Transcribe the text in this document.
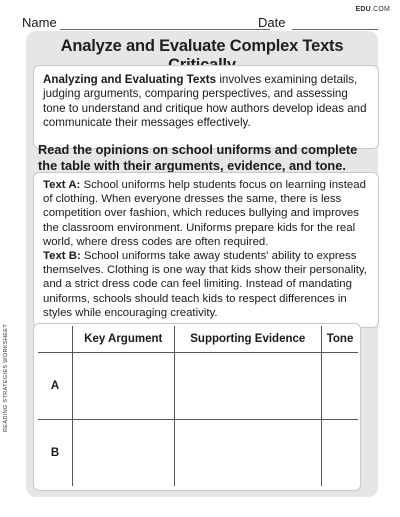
Name	Date
EDU.COM
READING STRATEGIES WORKSHEET
Analyze and Evaluate Complex Texts
Analyzing and Evaluating Texts involves examining details, judging arguments, comparing perspectives, and assessing tone to understand and critique how authors develop ideas and communicate their messages effectively.
Read the opinions on school uniforms and complete the table with their arguments, evidence, and tone.

Text A: School uniforms help students focus on learning instead of clothing. When everyone dresses the same, there is less competition over fashion, which reduces bullying and improves the classroom environment. Uniforms prepare kids for the real world, where dress codes are often required.

Text B: School uniforms take away students' ability to express themselves. Clothing is one way that kids show their personality, and a strict dress code can feel limiting. Instead of mandating uniforms, schools should teach kids to respect differences in styles while encouraging creativity.

	Key Argument	Supporting Evidence	Tone
A			
B			
